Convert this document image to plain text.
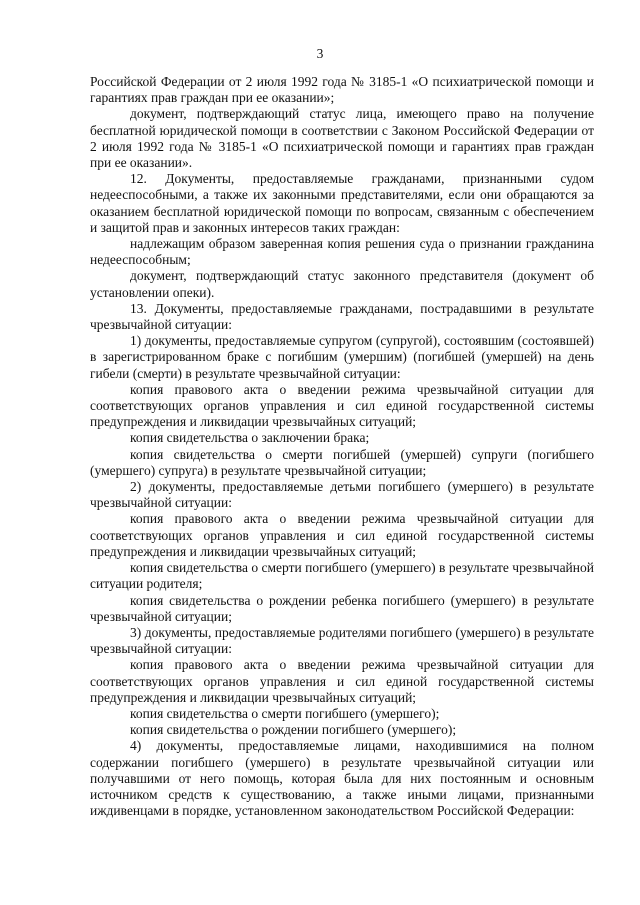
3

Российской Федерации от 2 июля 1992 года № 3185-1 «О психиатрической помощи и гарантиях прав граждан при ее оказании»;

документ, подтверждающий статус лица, имеющего право на получение бесплатной юридической помощи в соответствии с Законом Российской Федерации от 2 июля 1992 года № 3185-1 «О психиатрической помощи и гарантиях прав граждан при ее оказании».

12. Документы, предоставляемые гражданами, признанными судом недееспособными, а также их законными представителями, если они обращаются за оказанием бесплатной юридической помощи по вопросам, связанным с обеспечением и защитой прав и законных интересов таких граждан:

надлежащим образом заверенная копия решения суда о признании гражданина недееспособным;

документ, подтверждающий статус законного представителя (документ об установлении опеки).

13. Документы, предоставляемые гражданами, пострадавшими в результате чрезвычайной ситуации:

1) документы, предоставляемые супругом (супругой), состоявшим (состоявшей) в зарегистрированном браке с погибшим (умершим) (погибшей (умершей) на день гибели (смерти) в результате чрезвычайной ситуации:

копия правового акта о введении режима чрезвычайной ситуации для соответствующих органов управления и сил единой государственной системы предупреждения и ликвидации чрезвычайных ситуаций;

копия свидетельства о заключении брака;

копия свидетельства о смерти погибшей (умершей) супруги (погибшего (умершего) супруга) в результате чрезвычайной ситуации;

2) документы, предоставляемые детьми погибшего (умершего) в результате чрезвычайной ситуации:

копия правового акта о введении режима чрезвычайной ситуации для соответствующих органов управления и сил единой государственной системы предупреждения и ликвидации чрезвычайных ситуаций;

копия свидетельства о смерти погибшего (умершего) в результате чрезвычайной ситуации родителя;

копия свидетельства о рождении ребенка погибшего (умершего) в результате чрезвычайной ситуации;

3) документы, предоставляемые родителями погибшего (умершего) в результате чрезвычайной ситуации:

копия правового акта о введении режима чрезвычайной ситуации для соответствующих органов управления и сил единой государственной системы предупреждения и ликвидации чрезвычайных ситуаций;

копия свидетельства о смерти погибшего (умершего);

копия свидетельства о рождении погибшего (умершего);

4) документы, предоставляемые лицами, находившимися на полном содержании погибшего (умершего) в результате чрезвычайной ситуации или получавшими от него помощь, которая была для них постоянным и основным источником средств к существованию, а также иными лицами, признанными иждивенцами в порядке, установленном законодательством Российской Федерации:
